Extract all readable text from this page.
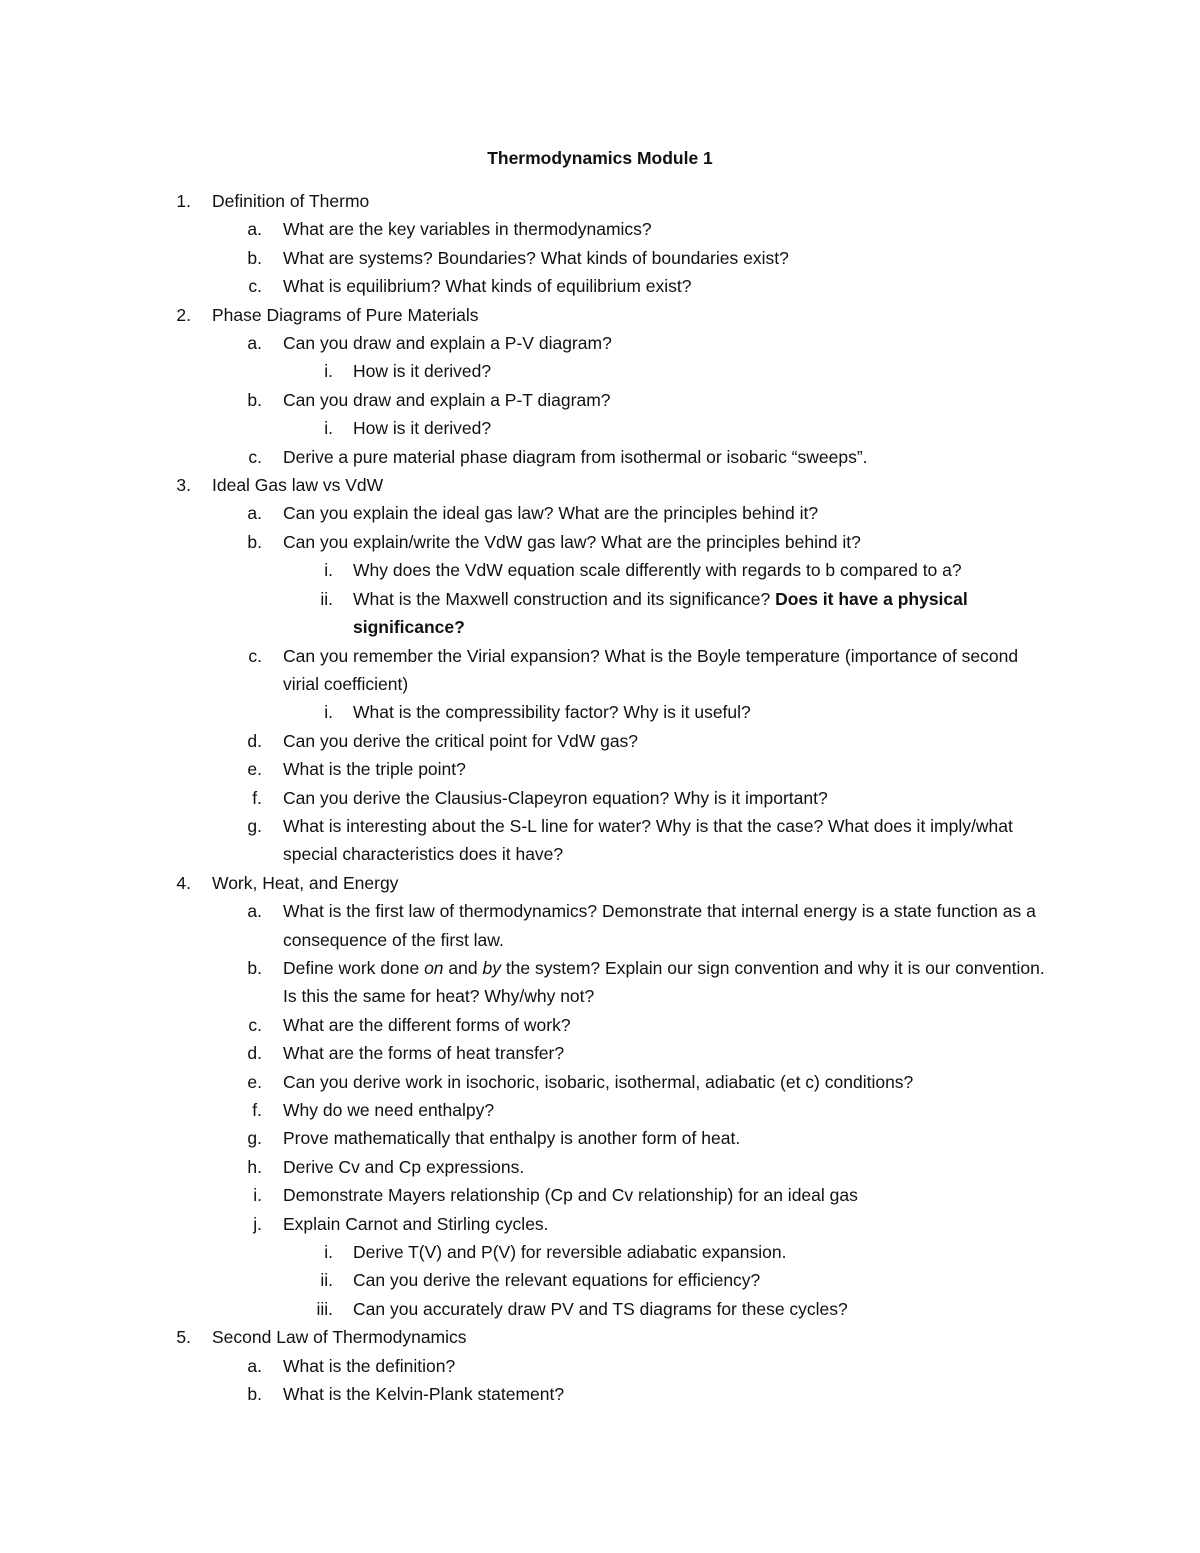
Thermodynamics Module 1
1. Definition of Thermo
a. What are the key variables in thermodynamics?
b. What are systems? Boundaries? What kinds of boundaries exist?
c. What is equilibrium? What kinds of equilibrium exist?
2. Phase Diagrams of Pure Materials
a. Can you draw and explain a P-V diagram?
i. How is it derived?
b. Can you draw and explain a P-T diagram?
i. How is it derived?
c. Derive a pure material phase diagram from isothermal or isobaric “sweeps”.
3. Ideal Gas law vs VdW
a. Can you explain the ideal gas law? What are the principles behind it?
b. Can you explain/write the VdW gas law? What are the principles behind it?
i. Why does the VdW equation scale differently with regards to b compared to a?
ii. What is the Maxwell construction and its significance? Does it have a physical significance?
c. Can you remember the Virial expansion? What is the Boyle temperature (importance of second virial coefficient)
i. What is the compressibility factor? Why is it useful?
d. Can you derive the critical point for VdW gas?
e. What is the triple point?
f. Can you derive the Clausius-Clapeyron equation? Why is it important?
g. What is interesting about the S-L line for water? Why is that the case? What does it imply/what special characteristics does it have?
4. Work, Heat, and Energy
a. What is the first law of thermodynamics? Demonstrate that internal energy is a state function as a consequence of the first law.
b. Define work done on and by the system? Explain our sign convention and why it is our convention. Is this the same for heat? Why/why not?
c. What are the different forms of work?
d. What are the forms of heat transfer?
e. Can you derive work in isochoric, isobaric, isothermal, adiabatic (et c) conditions?
f. Why do we need enthalpy?
g. Prove mathematically that enthalpy is another form of heat.
h. Derive Cv and Cp expressions.
i. Demonstrate Mayers relationship (Cp and Cv relationship) for an ideal gas
j. Explain Carnot and Stirling cycles.
i. Derive T(V) and P(V) for reversible adiabatic expansion.
ii. Can you derive the relevant equations for efficiency?
iii. Can you accurately draw PV and TS diagrams for these cycles?
5. Second Law of Thermodynamics
a. What is the definition?
b. What is the Kelvin-Plank statement?
